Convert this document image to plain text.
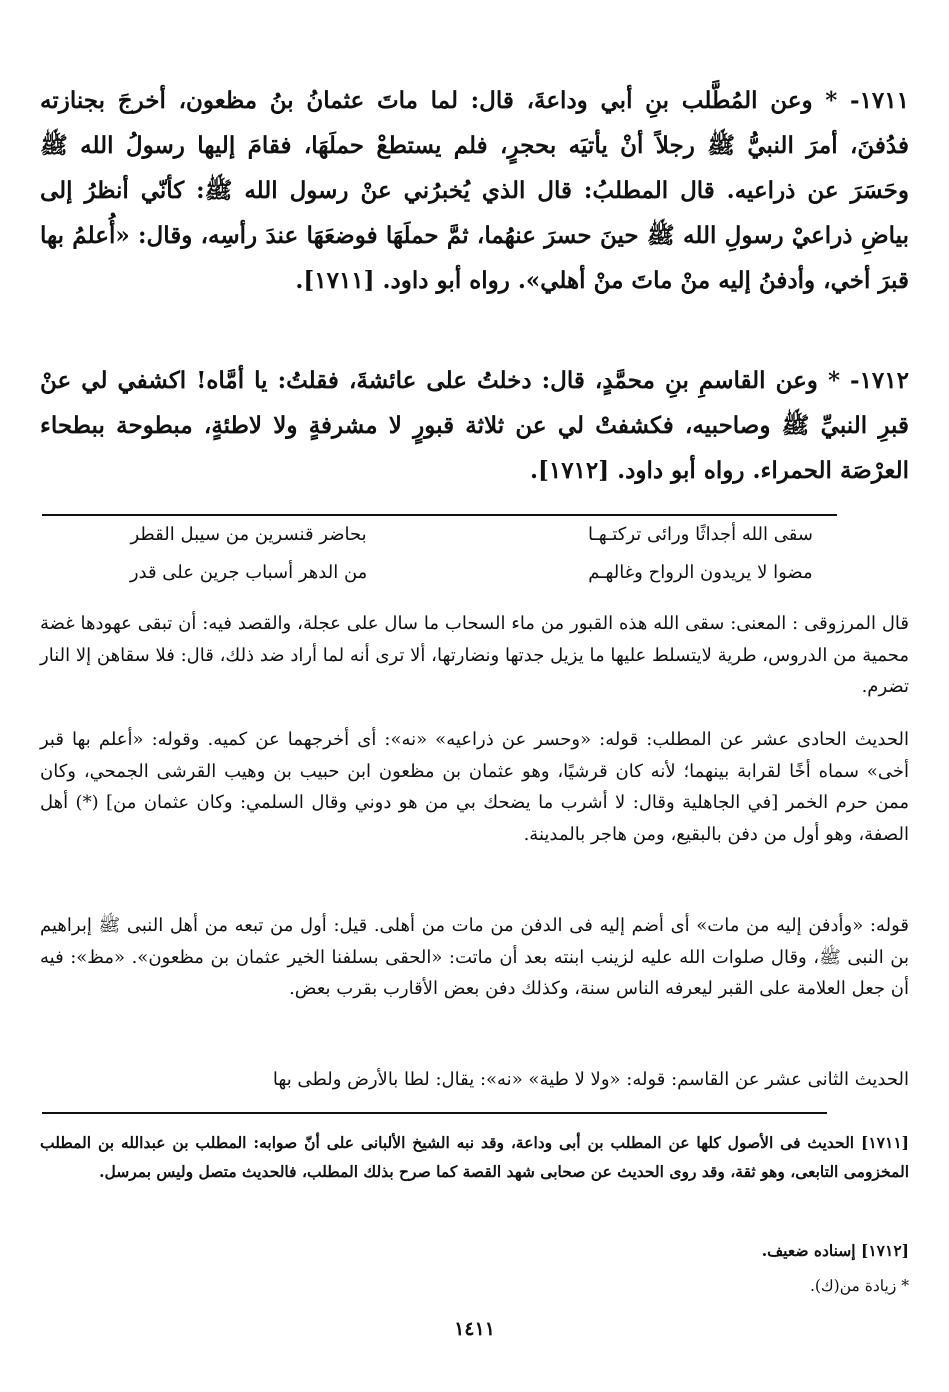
١٧١١- * وعن المُطَّلب بنِ أبي وداعةَ، قال: لما ماتَ عثمانُ بنُ مظعون، أخرجَ بجنازته فدُفنَ، أمرَ النبيُّ ﷺ رجلاً أنْ يأتيَه بحجرٍ، فلم يستطعْ حملَهَا، فقامَ إليها رسولُ الله ﷺ وحَسَرَ عن ذراعيه. قال المطلبُ: قال الذي يُخبرُني عنْ رسول الله ﷺ: كأنّي أنظرُ إلى بياضِ ذراعيْ رسولِ الله ﷺ حينَ حسرَ عنهُما، ثمَّ حملَهَا فوضعَهَا عندَ رأسِه، وقال: «أُعلمُ بها قبرَ أخي، وأدفنُ إليه منْ ماتَ منْ أهلي». رواه أبو داود. [١٧١١].

١٧١٢- * وعن القاسمِ بنِ محمَّدٍ، قال: دخلتُ على عائشةَ، فقلتُ: يا أمَّاه! اكشفي لي عنْ قبرِ النبيِّ ﷺ وصاحبيه، فكشفتْ لي عن ثلاثة قبورٍ لا مشرفةٍ ولا لاطئةٍ، مبطوحة ببطحاء العرْصَة الحمراء. رواه أبو داود. [١٧١٢].

سقى الله أجداثًا ورائى تركتـهـا
بحاضر قنسرين من سيبل القطر
مضوا لا يريدون الرواح وغالهـم
من الدهر أسباب جرين على قدر

قال المرزوقى : المعنى: سقى الله هذه القبور من ماء السحاب ما سال على عجلة، والقصد فيه: أن تبقى عهودها غضة محمية من الدروس، طرية لايتسلط عليها ما يزيل جدتها ونضارتها، ألا ترى أنه لما أراد ضد ذلك، قال: فلا سقاهن إلا النار تضرم.

الحديث الحادى عشر عن المطلب: قوله: «وحسر عن ذراعيه» «نه»: أى أخرجهما عن كميه. وقوله: «أعلم بها قبر أخى» سماه أخًا لقرابة بينهما؛ لأنه كان قرشيًا، وهو عثمان بن مظعون ابن حبيب بن وهيب القرشى الجمحي، وكان ممن حرم الخمر [في الجاهلية وقال: لا أشرب ما يضحك بي من هو دوني وقال السلمي: وكان عثمان من] (*) أهل الصفة، وهو أول من دفن بالبقيع، ومن هاجر بالمدينة.

قوله: «وأدفن إليه من مات» أى أضم إليه فى الدفن من مات من أهلى. قيل: أول من تبعه من أهل النبى ﷺ إبراهيم بن النبى ﷺ، وقال صلوات الله عليه لزينب ابنته بعد أن ماتت: «الحقى بسلفنا الخير عثمان بن مظعون». «مظ»: فيه أن جعل العلامة على القبر ليعرفه الناس سنة، وكذلك دفن بعض الأقارب بقرب بعض.

الحديث الثانى عشر عن القاسم: قوله: «ولا لا طية» «نه»: يقال: لطا بالأرض ولطى بها

[١٧١١] الحديث فى الأصول كلها عن المطلب بن أبى وداعة، وقد نبه الشيخ الألبانى على أنّ صوابه: المطلب بن عبدالله بن المطلب المخزومى التابعى، وهو ثقة، وقد روى الحديث عن صحابى شهد القصة كما صرح بذلك المطلب، فالحديث متصل وليس بمرسل.

[١٧١٢] إسناده ضعيف.

* زيادة من(ك).

١٤١١
